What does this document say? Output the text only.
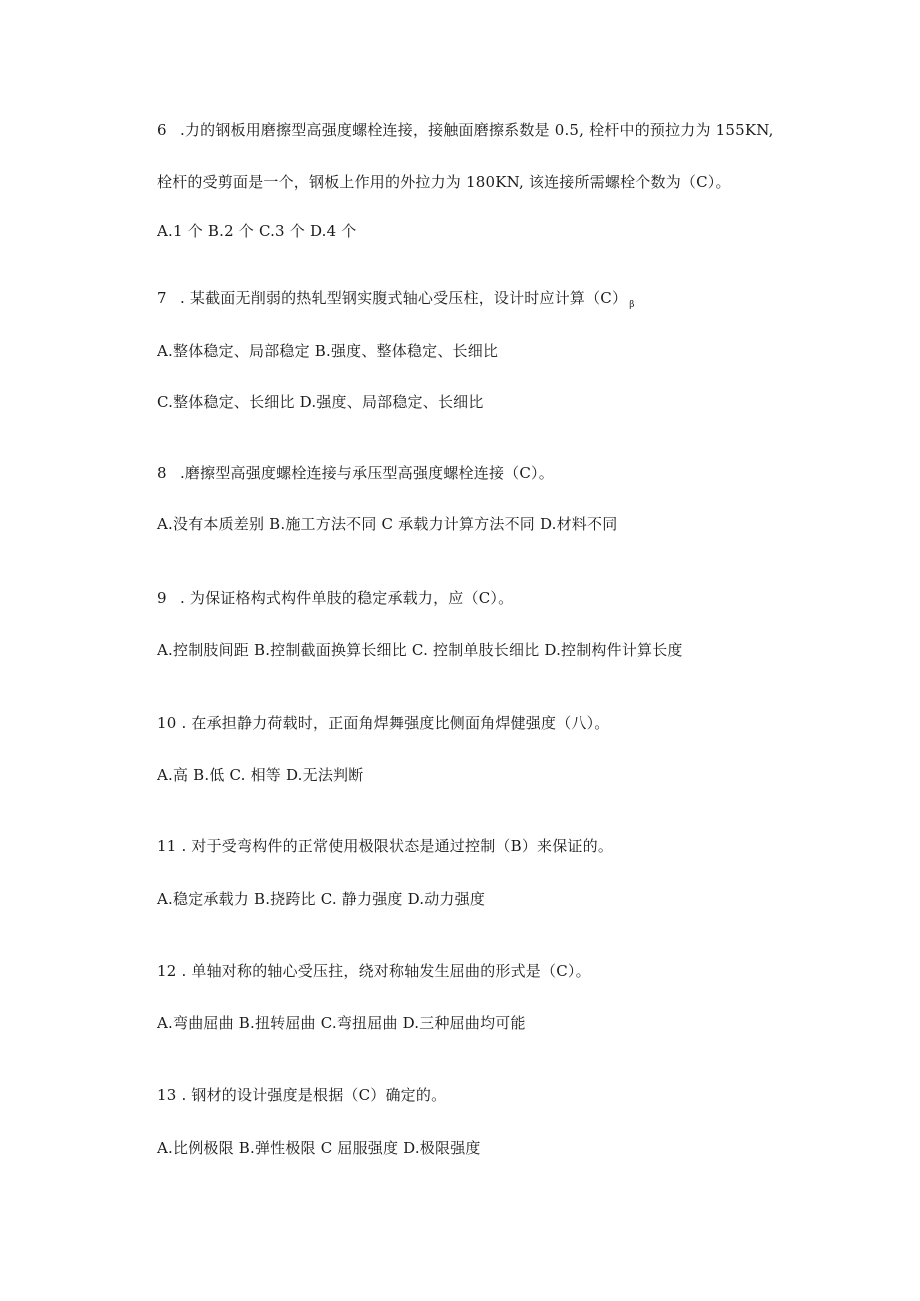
6 .力的钢板用磨擦型高强度螺栓连接，接触面磨擦系数是 0.5, 栓杆中的预拉力为 155KN,
栓杆的受剪面是一个，钢板上作用的外拉力为 180KN, 该连接所需螺栓个数为（C）。
A.1 个 B.2 个 C.3 个 D.4 个
7 . 某截面无削弱的热轧型钢实腹式轴心受压柱，设计时应计算（C） $_\beta$
A.整体稳定、局部稳定 B.强度、整体稳定、长细比
C.整体稳定、长细比 D.强度、局部稳定、长细比
8 .磨擦型高强度螺栓连接与承压型高强度螺栓连接（C）。
A.没有本质差别 B.施工方法不同 C 承载力计算方法不同 D.材料不同
9 . 为保证格构式构件单肢的稳定承载力，应（C）。
A.控制肢间距 B.控制截面换算长细比 C. 控制单肢长细比 D.控制构件计算长度
10 . 在承担静力荷载时，正面角焊舞强度比侧面角焊健强度（八）。
A.高 B.低 C. 相等 D.无法判断
11 . 对于受弯构件的正常使用极限状态是通过控制（B）来保证的。
A.稳定承载力 B.挠跨比 C. 静力强度 D.动力强度
12 . 单轴对称的轴心受压拄，绕对称轴发生屈曲的形式是（C）。
A.弯曲屈曲 B.扭转屈曲 C.弯扭屈曲 D.三种屈曲均可能
13 . 钢材的设计强度是根据（C）确定的。
A.比例极限 B.弹性极限 C 屈服强度 D.极限强度
